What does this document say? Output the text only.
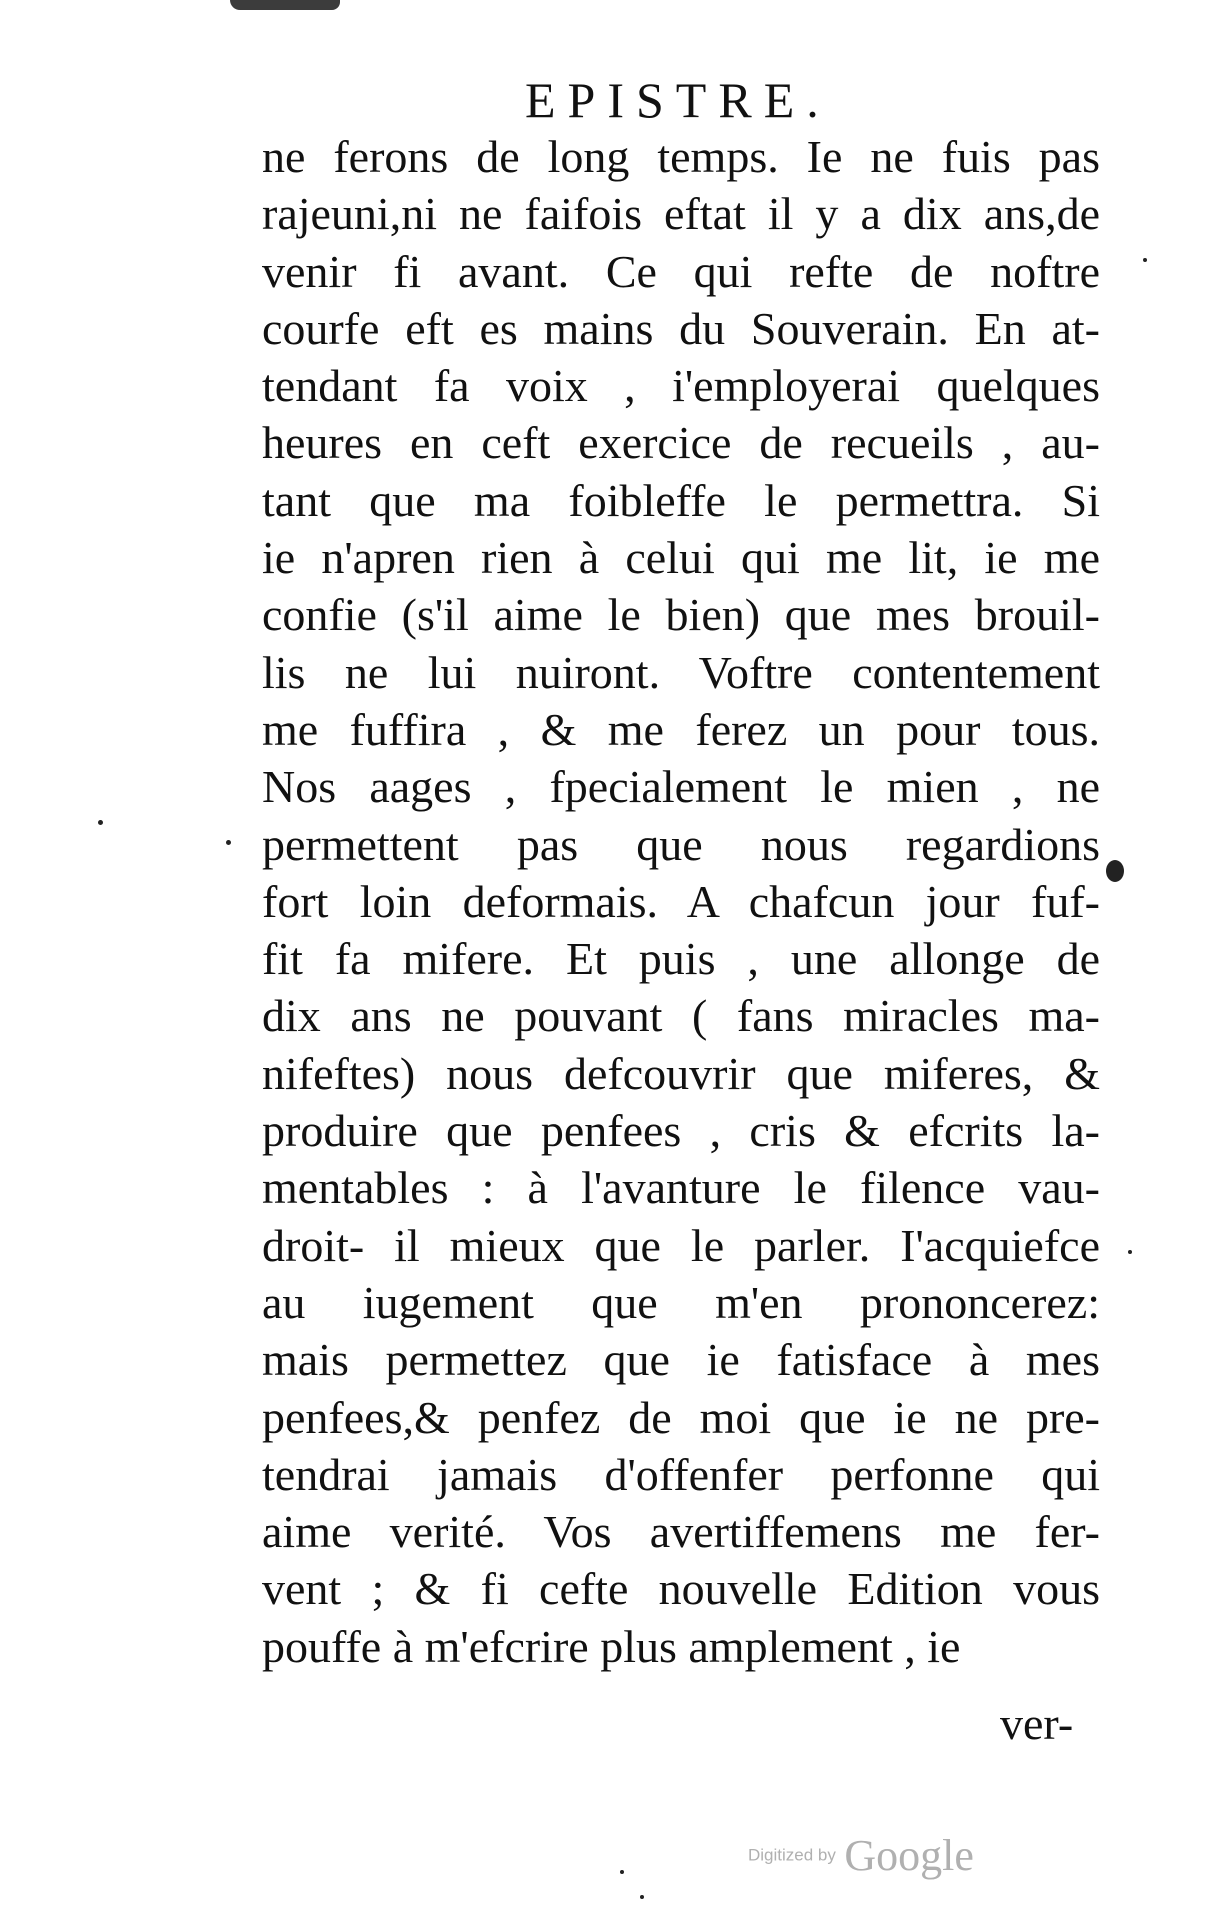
EPISTRE.
ne ferons de long temps. Ie ne fuis pas
rajeuni,ni ne faifois eftat il y a dix ans,de
venir fi avant. Ce qui refte de noftre
courfe eft es mains du Souverain. En at-
tendant fa voix , i'employerai quelques
heures en ceft exercice de recueils , au-
tant que ma foibleffe le permettra. Si
ie n'apren rien à celui qui me lit, ie me
confie (s'il aime le bien) que mes brouil-
lis ne lui nuiront. Voftre contentement
me fuffira , & me ferez un pour tous.
Nos aages , fpecialement le mien , ne
permettent pas que nous regardions
fort loin deformais. A chafcun jour fuf-
fit fa mifere. Et puis , une allonge de
dix ans ne pouvant ( fans miracles ma-
nifeftes) nous defcouvrir que miferes, &
produire que penfees , cris & efcrits la-
mentables : à l'avanture le filence vau-
droit- il mieux que le parler. I'acquiefce
au iugement que m'en prononcerez:
mais permettez que ie fatisface à mes
penfees,& penfez de moi que ie ne pre-
tendrai jamais d'offenfer perfonne qui
aime verité. Vos avertiffemens me fer-
vent ; & fi cefte nouvelle Edition vous
pouffe à m'efcrire plus amplement , ie
ver-
Digitized by Google
